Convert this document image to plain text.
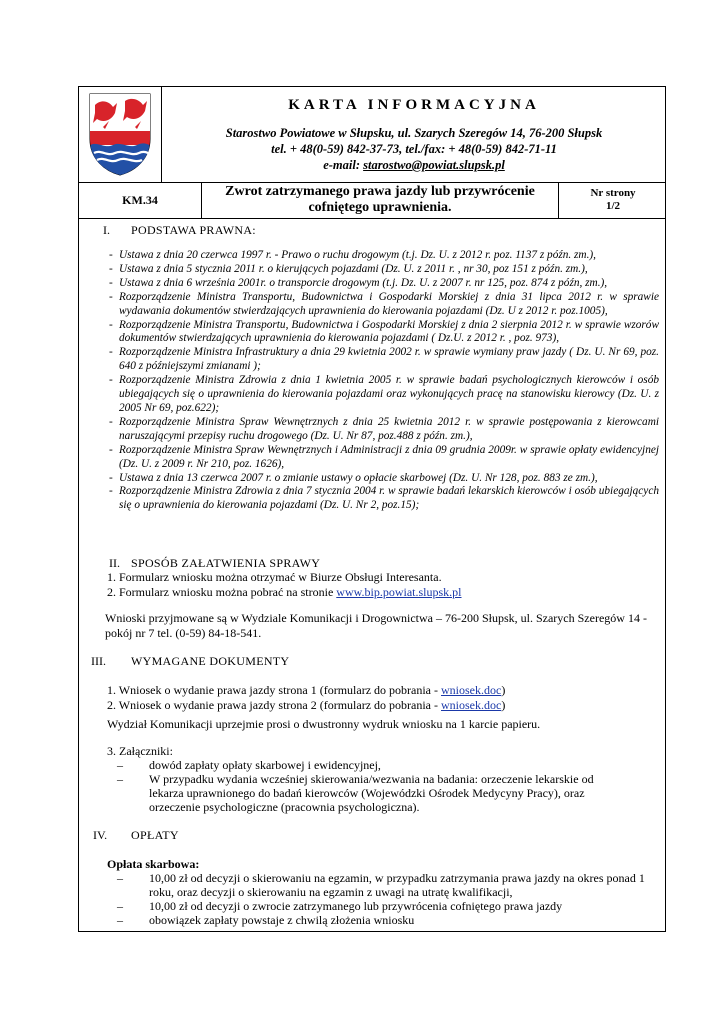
KARTA INFORMACYJNA
Starostwo Powiatowe w Słupsku, ul. Szarych Szeregów 14, 76-200 Słupsk
tel. + 48(0-59) 842-37-73, tel./fax: + 48(0-59) 842-71-11
e-mail: starostwo@powiat.slupsk.pl
KM.34
Zwrot zatrzymanego prawa jazdy lub przywrócenie
cofniętego uprawnienia.
Nr strony
1/2
I.	PODSTAWA PRAWNA:
- Ustawa z dnia 20 czerwca 1997 r. - Prawo o ruchu drogowym (t.j. Dz. U. z 2012 r. poz. 1137 z późn. zm.),
- Ustawa z dnia 5 stycznia 2011 r. o kierujących pojazdami (Dz. U. z 2011 r. , nr 30, poz 151 z późn. zm.),
- Ustawa z dnia 6 września 2001r. o transporcie drogowym (t.j. Dz. U. z 2007 r. nr 125, poz. 874 z późn, zm.),
- Rozporządzenie Ministra Transportu, Budownictwa i Gospodarki Morskiej z dnia 31 lipca 2012 r. w sprawie wydawania dokumentów stwierdzających uprawnienia do kierowania pojazdami (Dz. U z 2012 r. poz.1005),
- Rozporządzenie Ministra Transportu, Budownictwa i Gospodarki Morskiej z dnia 2 sierpnia 2012 r. w sprawie wzorów dokumentów stwierdzających uprawnienia do kierowania pojazdami ( Dz.U. z 2012 r. , poz. 973),
- Rozporządzenie Ministra Infrastruktury a dnia 29 kwietnia 2002 r. w sprawie wymiany praw jazdy ( Dz. U. Nr 69, poz. 640 z późniejszymi zmianami );
- Rozporządzenie Ministra Zdrowia z dnia 1 kwietnia 2005 r. w sprawie badań psychologicznych kierowców i osób ubiegających się o uprawnienia do kierowania pojazdami oraz wykonujących pracę na stanowisku kierowcy (Dz. U. z 2005 Nr 69, poz.622);
- Rozporządzenie Ministra Spraw Wewnętrznych z dnia 25 kwietnia 2012 r. w sprawie postępowania z kierowcami naruszającymi przepisy ruchu drogowego (Dz. U. Nr 87, poz.488 z późn. zm.),
- Rozporządzenie Ministra Spraw Wewnętrznych i Administracji z dnia 09 grudnia 2009r. w sprawie opłaty ewidencyjnej (Dz. U. z 2009 r. Nr 210, poz. 1626),
- Ustawa z dnia 13 czerwca 2007 r. o zmianie ustawy o opłacie skarbowej (Dz. U. Nr 128, poz. 883 ze zm.),
- Rozporządzenie Ministra Zdrowia z dnia 7 stycznia 2004 r. w sprawie badań lekarskich kierowców i osób ubiegających się o uprawnienia do kierowania pojazdami (Dz. U. Nr 2, poz.15);
II. SPOSÓB ZAŁATWIENIA SPRAWY
1. Formularz wniosku można otrzymać w Biurze Obsługi Interesanta.
2. Formularz wniosku można pobrać na stronie www.bip.powiat.slupsk.pl
Wnioski przyjmowane są w Wydziale Komunikacji i Drogownictwa – 76-200 Słupsk, ul. Szarych Szeregów 14 - pokój nr 7 tel. (0-59) 84-18-541.
III.	WYMAGANE DOKUMENTY
1. Wniosek o wydanie prawa jazdy strona 1 (formularz do pobrania - wniosek.doc)
2. Wniosek o wydanie prawa jazdy strona 2 (formularz do pobrania - wniosek.doc)
Wydział Komunikacji uprzejmie prosi o dwustronny wydruk wniosku na 1 karcie papieru.
3. Załączniki:
– dowód zapłaty opłaty skarbowej i ewidencyjnej,
– W przypadku wydania wcześniej skierowania/wezwania na badania: orzeczenie lekarskie od lekarza uprawnionego do badań kierowców (Wojewódzki Ośrodek Medycyny Pracy), oraz orzeczenie psychologiczne (pracownia psychologiczna).
IV.	OPŁATY
Opłata skarbowa:
– 10,00 zł od decyzji o skierowaniu na egzamin, w przypadku zatrzymania prawa jazdy na okres ponad 1 roku, oraz decyzji o skierowaniu na egzamin z uwagi na utratę kwalifikacji,
– 10,00 zł od decyzji o zwrocie zatrzymanego lub przywrócenia cofniętego prawa jazdy
– obowiązek zapłaty powstaje z chwilą złożenia wniosku
